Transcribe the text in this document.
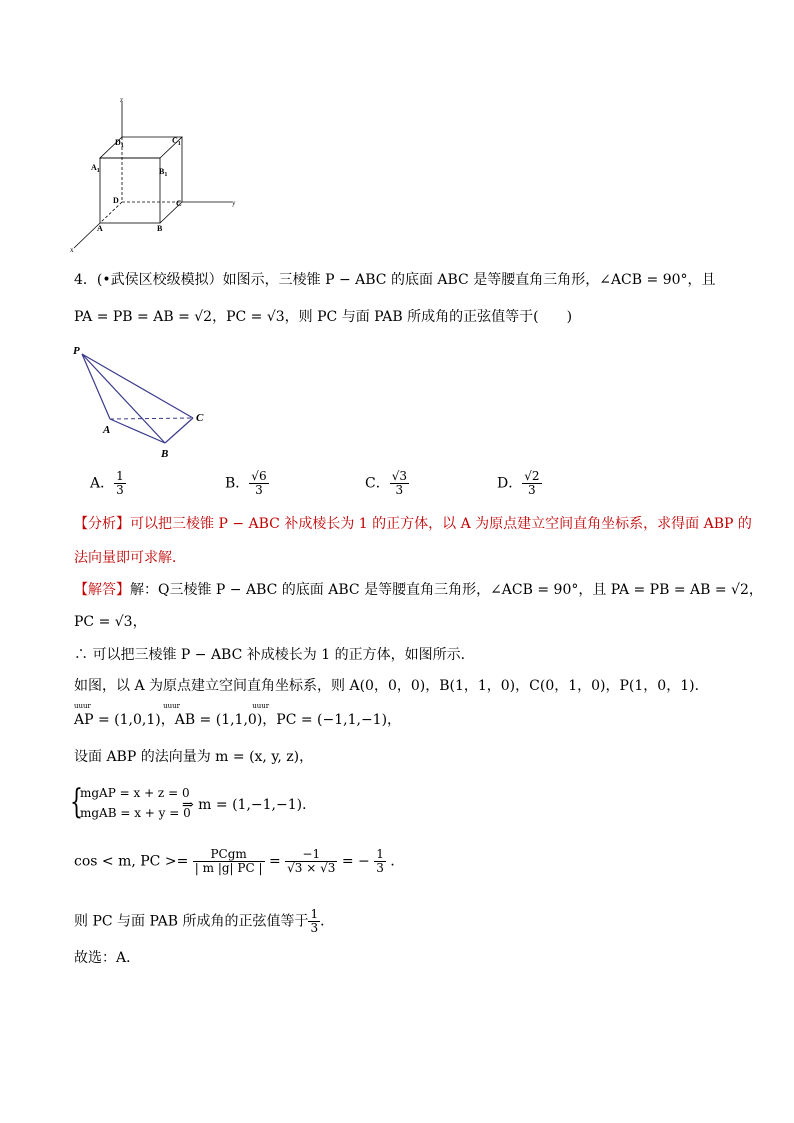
z
y
x
$D_1$
$C_1$
$A_1$	$B_1$
D	C
A	B
4．(•武侯区校级模拟）如图示，三棱锥 P − ABC 的底面 ABC 是等腰直角三角形，∠ACB = 90°，且
PA = PB = AB = √2，PC = √3，则 PC 与面 PAB 所成角的正弦值等于(　　)
P
A
B
C
A． $\frac{1}{3}$	B． $\frac{√6}{3}$	C． $\frac{√3}{3}$	D． $\frac{√2}{3}$
【分析】可以把三棱锥 P − ABC 补成棱长为 1 的正方体，以 A 为原点建立空间直角坐标系，求得面 ABP 的
法向量即可求解．
【解答】解：Q三棱锥 P − ABC 的底面 ABC 是等腰直角三角形，∠ACB = 90°，且 PA = PB = AB = √2，
PC = √3，
∴ 可以把三棱锥 P − ABC 补成棱长为 1 的正方体，如图所示．
如图，以 A 为原点建立空间直角坐标系，则 A(0，0，0)，B(1，1，0)，C(0，1，0)，P(1，0，1)．
uuur	uuur	uuur
AP = (1,0,1)，AB = (1,1,0)，PC = (−1,1,−1)，
设面 ABP 的法向量为 m = (x, y, z)，
{
mgAP = x + z = 0
mgAB = x + y = 0
⇒ m = (1,−1,−1)．
cos < m, PC >= $\frac{\text{PCgm}}{| m |g| PC |} = \frac{-1}{√3 \times √3}$ = − $\frac{1}{3}$ ．
则 PC 与面 PAB 所成角的正弦值等于 $\frac{1}{3}$ ．
故选：A．
